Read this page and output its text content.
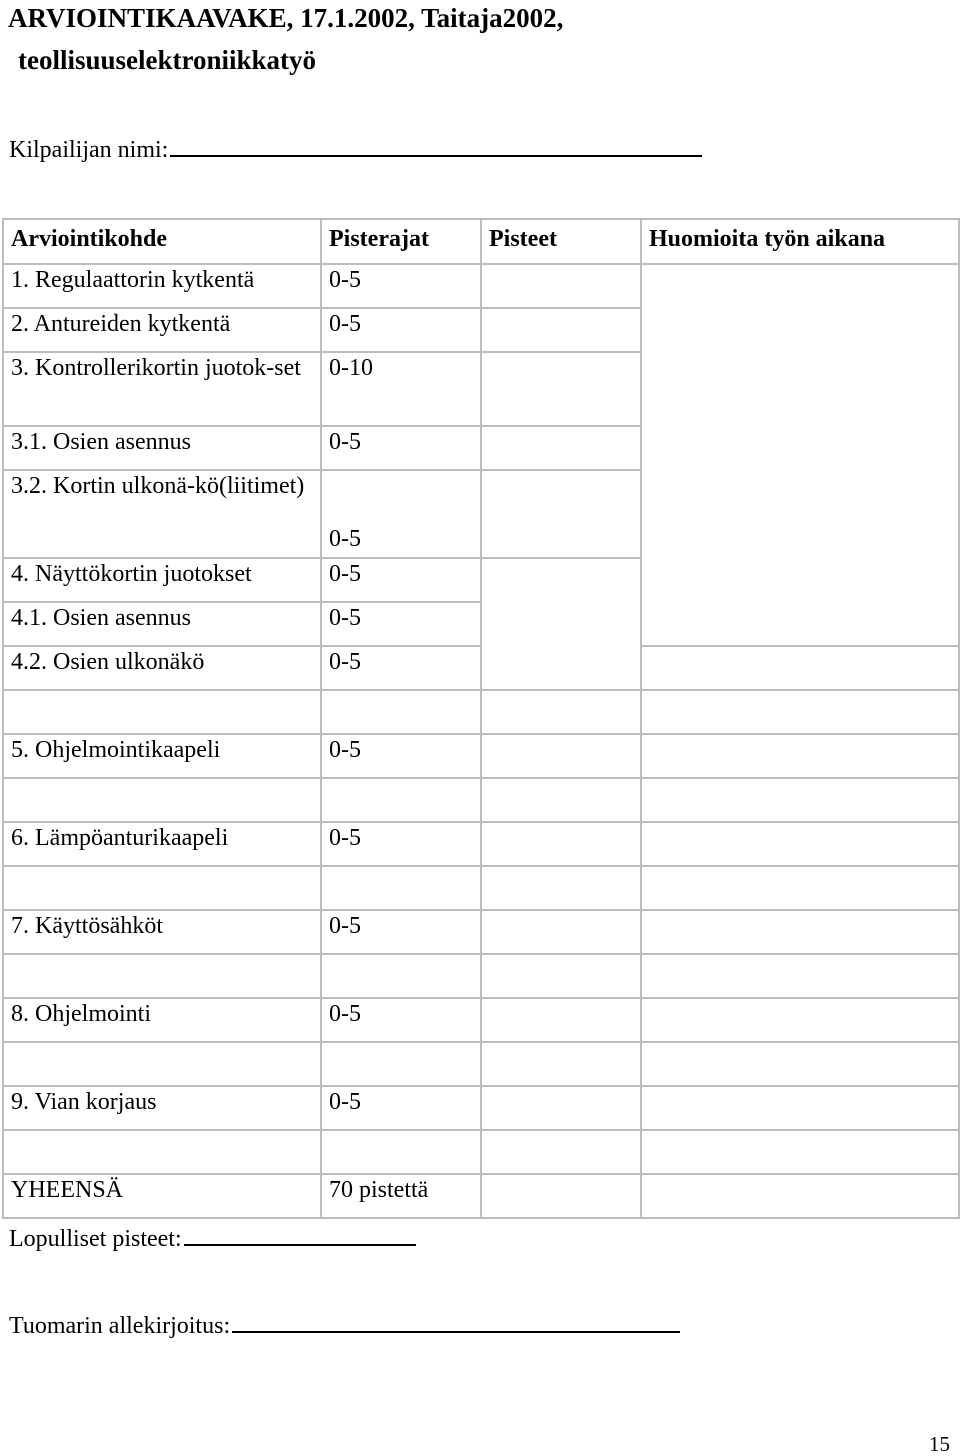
ARVIOINTIKAAVAKE, 17.1.2002, Taitaja2002,
teollisuuselektroniikkatyö
Kilpailijan nimi:
Arviointikohde	Pisterajat	Pisteet	Huomioita työn aikana
1. Regulaattorin kytkentä	0-5		
2. Antureiden kytkentä	0-5		
3. Kontrollerikortin juotok-set	0-10		
3.1. Osien asennus	0-5		
3.2. Kortin ulkonä-kö(liitimet)	0-5		
4. Näyttökortin juotokset	0-5		
4.1. Osien asennus	0-5		
4.2. Osien ulkonäkö	0-5		

5. Ohjelmointikaapeli	0-5		

6. Lämpöanturikaapeli	0-5		

7. Käyttösähköt	0-5		

8. Ohjelmointi	0-5		

9. Vian korjaus	0-5		

YHEENSÄ	70 pistettä		
Lopulliset pisteet:
Tuomarin allekirjoitus:
15
